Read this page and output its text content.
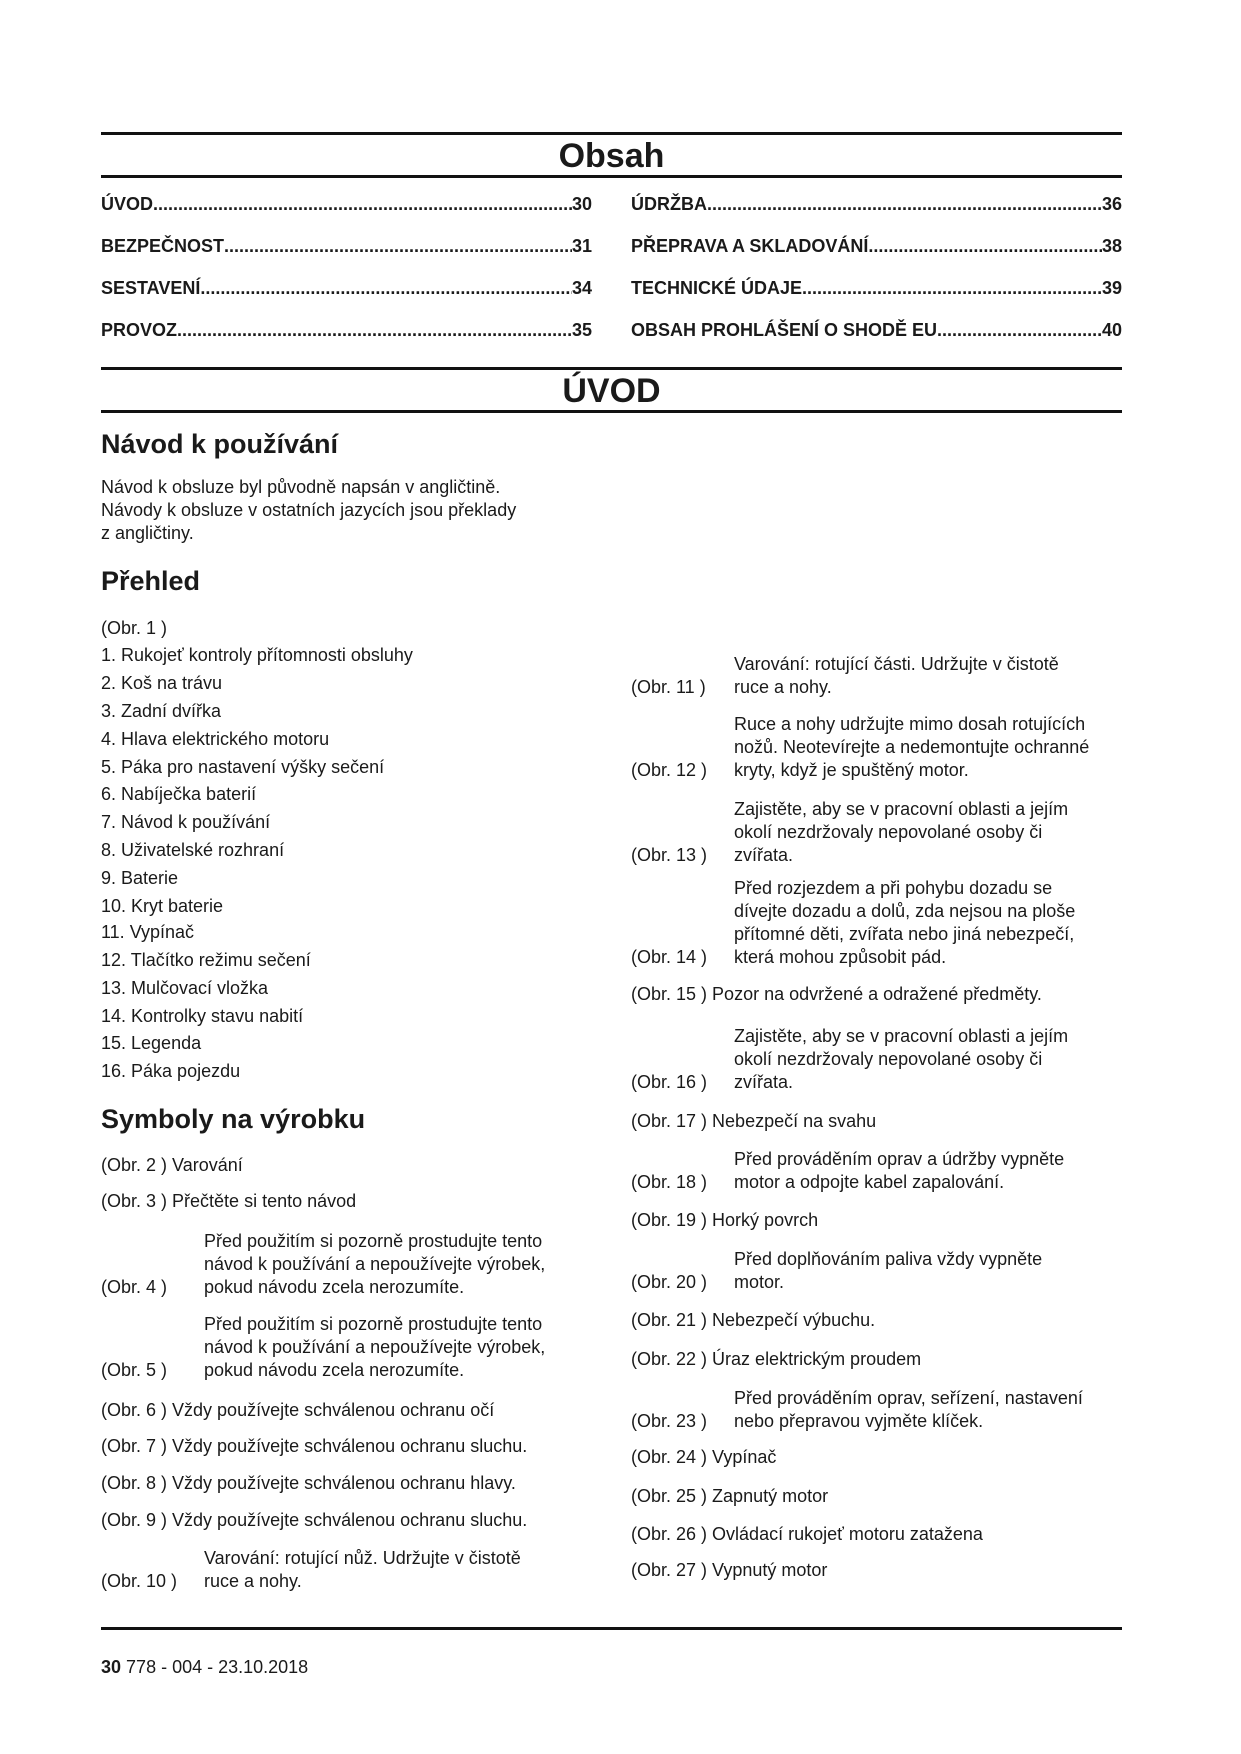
Obsah
ÚVOD .....	30
BEZPEČNOST .....	31
SESTAVENÍ .....	34
PROVOZ .....	35
ÚDRŽBA .....	36
PŘEPRAVA A SKLADOVÁNÍ .....	38
TECHNICKÉ ÚDAJE .....	39
OBSAH PROHLÁŠENÍ O SHODĚ EU .....	40
ÚVOD
Návod k používání
Návod k obsluze byl původně napsán v angličtině.
Návody k obsluze v ostatních jazycích jsou překlady
z angličtiny.
Přehled
(Obr. 1 )
1. Rukojeť kontroly přítomnosti obsluhy
2. Koš na trávu
3. Zadní dvířka
4. Hlava elektrického motoru
5. Páka pro nastavení výšky sečení
6. Nabíječka baterií
7. Návod k používání
8. Uživatelské rozhraní
9. Baterie
10. Kryt baterie
11. Vypínač
12. Tlačítko režimu sečení
13. Mulčovací vložka
14. Kontrolky stavu nabití
15. Legenda
16. Páka pojezdu
Symboly na výrobku
(Obr. 2 ) Varování
(Obr. 3 ) Přečtěte si tento návod
(Obr. 4 )
Před použitím si pozorně prostudujte tento
návod k používání a nepoužívejte výrobek,
pokud návodu zcela nerozumíte.
(Obr. 5 )
Před použitím si pozorně prostudujte tento
návod k používání a nepoužívejte výrobek,
pokud návodu zcela nerozumíte.
(Obr. 6 ) Vždy používejte schválenou ochranu očí
(Obr. 7 ) Vždy používejte schválenou ochranu sluchu.
(Obr. 8 ) Vždy používejte schválenou ochranu hlavy.
(Obr. 9 ) Vždy používejte schválenou ochranu sluchu.
(Obr. 10 )
Varování: rotující nůž. Udržujte v čistotě
ruce a nohy.
(Obr. 11 )
Varování: rotující části. Udržujte v čistotě
ruce a nohy.
(Obr. 12 )
Ruce a nohy udržujte mimo dosah rotujících
nožů. Neotevírejte a nedemontujte ochranné
kryty, když je spuštěný motor.
(Obr. 13 )
Zajistěte, aby se v pracovní oblasti a jejím
okolí nezdržovaly nepovolané osoby či
zvířata.
(Obr. 14 )
Před rozjezdem a při pohybu dozadu se
dívejte dozadu a dolů, zda nejsou na ploše
přítomné děti, zvířata nebo jiná nebezpečí,
která mohou způsobit pád.
(Obr. 15 ) Pozor na odvržené a odražené předměty.
(Obr. 16 )
Zajistěte, aby se v pracovní oblasti a jejím
okolí nezdržovaly nepovolané osoby či
zvířata.
(Obr. 17 ) Nebezpečí na svahu
(Obr. 18 )
Před prováděním oprav a údržby vypněte
motor a odpojte kabel zapalování.
(Obr. 19 ) Horký povrch
(Obr. 20 )
Před doplňováním paliva vždy vypněte
motor.
(Obr. 21 ) Nebezpečí výbuchu.
(Obr. 22 ) Úraz elektrickým proudem
(Obr. 23 )
Před prováděním oprav, seřízení, nastavení
nebo přepravou vyjměte klíček.
(Obr. 24 ) Vypínač
(Obr. 25 ) Zapnutý motor
(Obr. 26 ) Ovládací rukojeť motoru zatažena
(Obr. 27 ) Vypnutý motor
30 778 - 004 - 23.10.2018
